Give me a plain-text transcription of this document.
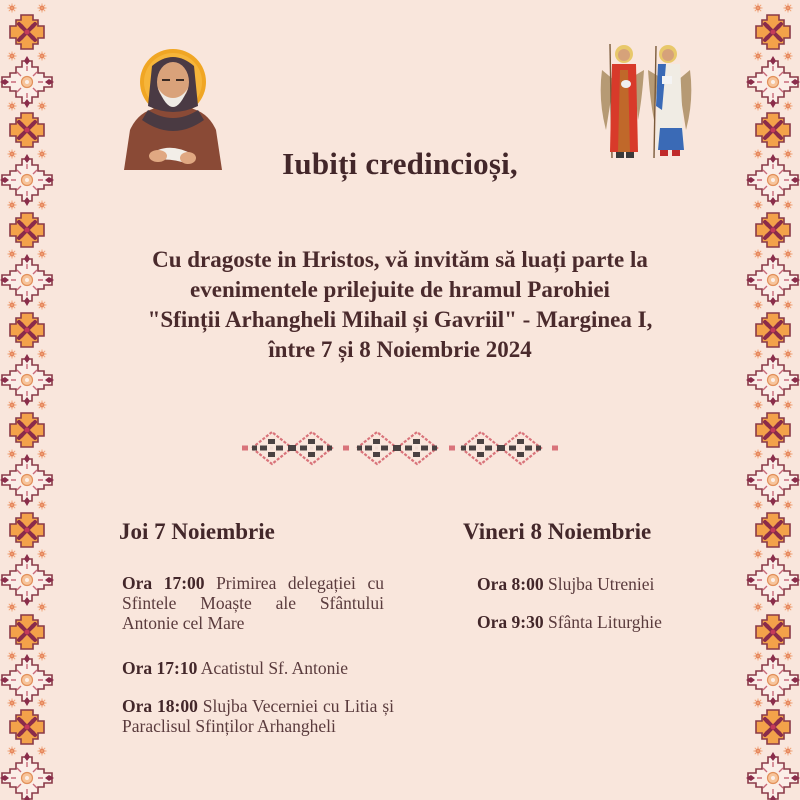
Iubiți credincioși,
Cu dragoste in Hristos, vă invităm să luați parte la
evenimentele prilejuite de hramul Parohiei
"Sfinții Arhangheli Mihail și Gavriil" - Marginea I,
între 7 și 8 Noiembrie 2024
Joi 7 Noiembrie
Ora 17:00 Primirea delegației cu Sfintele Moaște ale Sfântului Antonie cel Mare
Ora 17:10 Acatistul Sf. Antonie
Ora 18:00 Slujba Vecerniei cu Litia și Paraclisul Sfinților Arhangheli
Vineri 8 Noiembrie
Ora 8:00 Slujba Utreniei
Ora 9:30 Sfânta Liturghie
